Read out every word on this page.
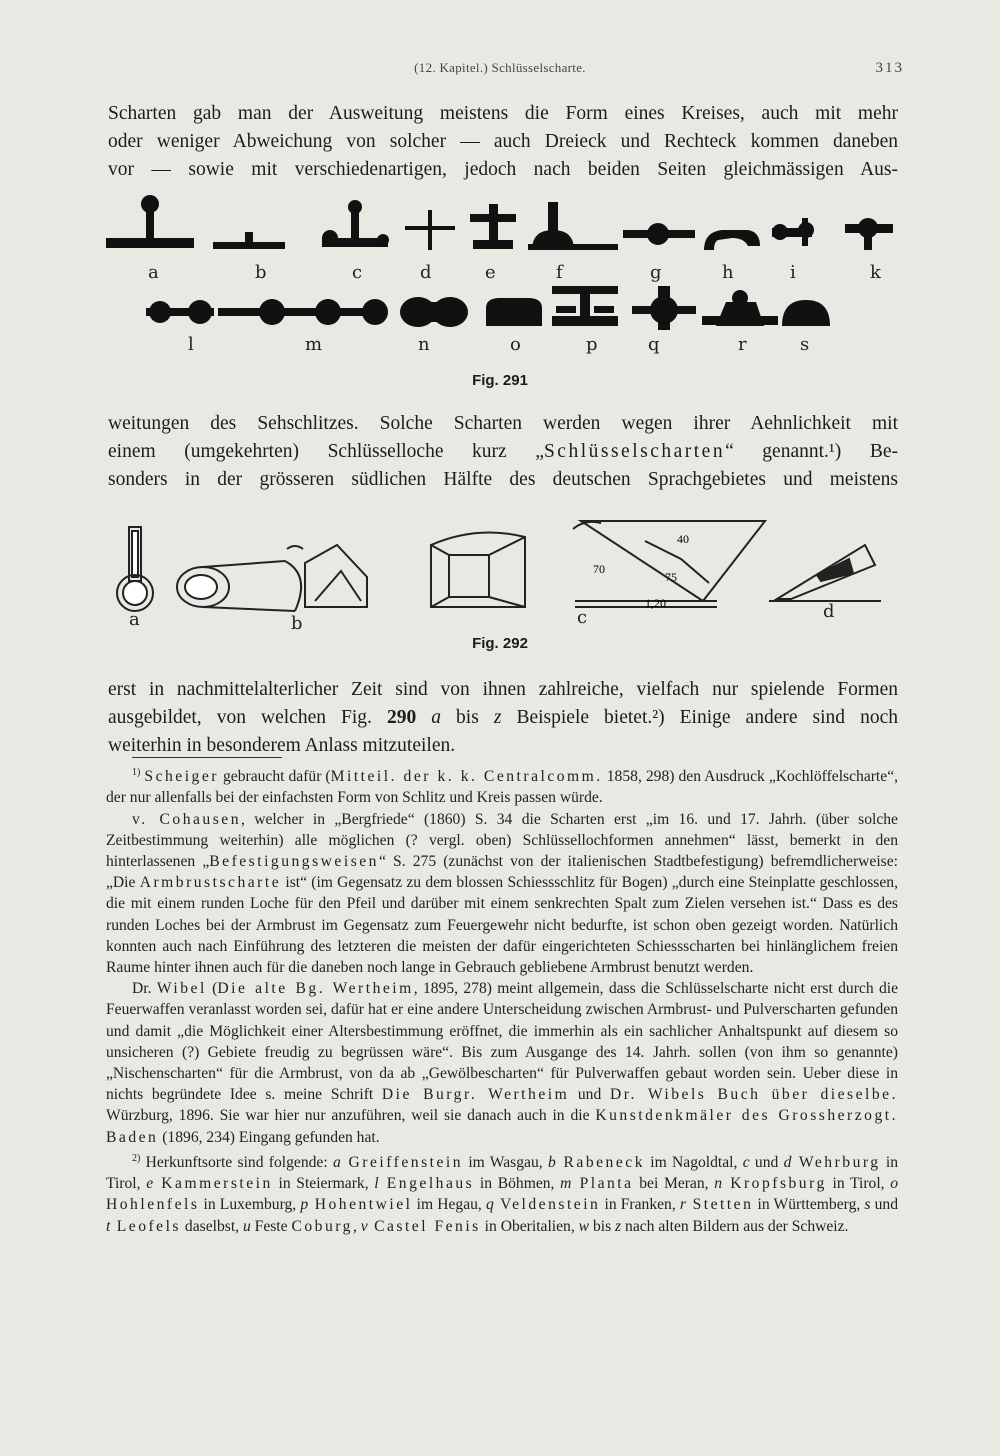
(12. Kapitel.) Schlüsselscharte.	313
Scharten gab man der Ausweitung meistens die Form eines Kreises, auch mit mehr
oder weniger Abweichung von solcher — auch Dreieck und Rechteck kommen daneben
vor — sowie mit verschiedenartigen, jedoch nach beiden Seiten gleichmässigen Aus-
a	b	c	d	e	f	g	h	i	k
l	m	n	o	p	q	r	s
Fig. 291
weitungen des Sehschlitzes. Solche Scharten werden wegen ihrer Aehnlichkeit mit
einem (umgekehrten) Schlüsselloche kurz „Schlüsselscharten“ genannt.¹) Be-
sonders in der grösseren südlichen Hälfte des deutschen Sprachgebietes und meistens
a	b	c	d
70
40
75
1,20
Fig. 292
erst in nachmittelalterlicher Zeit sind von ihnen zahlreiche, vielfach nur spielende Formen
ausgebildet, von welchen Fig. 290 a bis z Beispiele bietet.²) Einige andere sind noch
weiterhin in besonderem Anlass mitzuteilen.

$^{1)}$ Scheiger gebraucht dafür (Mitteil. der k. k. Centralcomm. 1858, 298) den Ausdruck „Kochlöffelscharte“, der nur allenfalls bei der einfachsten Form von Schlitz und Kreis passen würde.

v. Cohausen, welcher in „Bergfriede“ (1860) S. 34 die Scharten erst „im 16. und 17. Jahrh. (über solche Zeitbestimmung weiterhin) alle möglichen (? vergl. oben) Schlüssellochformen annehmen“ lässt, bemerkt in den hinterlassenen „Befestigungsweisen“ S. 275 (zunächst von der italienischen Stadtbefestigung) befremdlicherweise: „Die Armbrustscharte ist“ (im Gegensatz zu dem blossen Schiessschlitz für Bogen) „durch eine Steinplatte geschlossen, die mit einem runden Loche für den Pfeil und darüber mit einem senkrechten Spalt zum Zielen versehen ist.“ Dass es des runden Loches bei der Armbrust im Gegensatz zum Feuergewehr nicht bedurfte, ist schon oben gezeigt worden. Natürlich konnten auch nach Einführung des letzteren die meisten der dafür eingerichteten Schiessscharten bei hinlänglichem freien Raume hinter ihnen auch für die daneben noch lange in Gebrauch gebliebene Armbrust benutzt werden.

Dr. Wibel (Die alte Bg. Wertheim, 1895, 278) meint allgemein, dass die Schlüsselscharte nicht erst durch die Feuerwaffen veranlasst worden sei, dafür hat er eine andere Unterscheidung zwischen Armbrust- und Pulverscharten gefunden und damit „die Möglichkeit einer Altersbestimmung eröffnet, die immerhin als ein sachlicher Anhaltspunkt auf diesem so unsicheren (?) Gebiete freudig zu begrüssen wäre“. Bis zum Ausgange des 14. Jahrh. sollen (von ihm so genannte) „Nischenscharten“ für die Armbrust, von da ab „Gewölbescharten“ für Pulverwaffen gebaut worden sein. Ueber diese in nichts begründete Idee s. meine Schrift Die Burgr. Wertheim und Dr. Wibels Buch über dieselbe. Würzburg, 1896. Sie war hier nur anzuführen, weil sie danach auch in die Kunstdenkmäler des Grossherzogt. Baden (1896, 234) Eingang gefunden hat.

$^{2)}$ Herkunftsorte sind folgende: a Greiffenstein im Wasgau, b Rabeneck im Nagoldtal, c und d Wehrburg in Tirol, e Kammerstein in Steiermark, l Engelhaus in Böhmen, m Planta bei Meran, n Kropfsburg in Tirol, o Hohlenfels in Luxemburg, p Hohentwiel im Hegau, q Veldenstein in Franken, r Stetten in Württemberg, s und t Leofels daselbst, u Feste Coburg, v Castel Fenis in Oberitalien, w bis z nach alten Bildern aus der Schweiz.
